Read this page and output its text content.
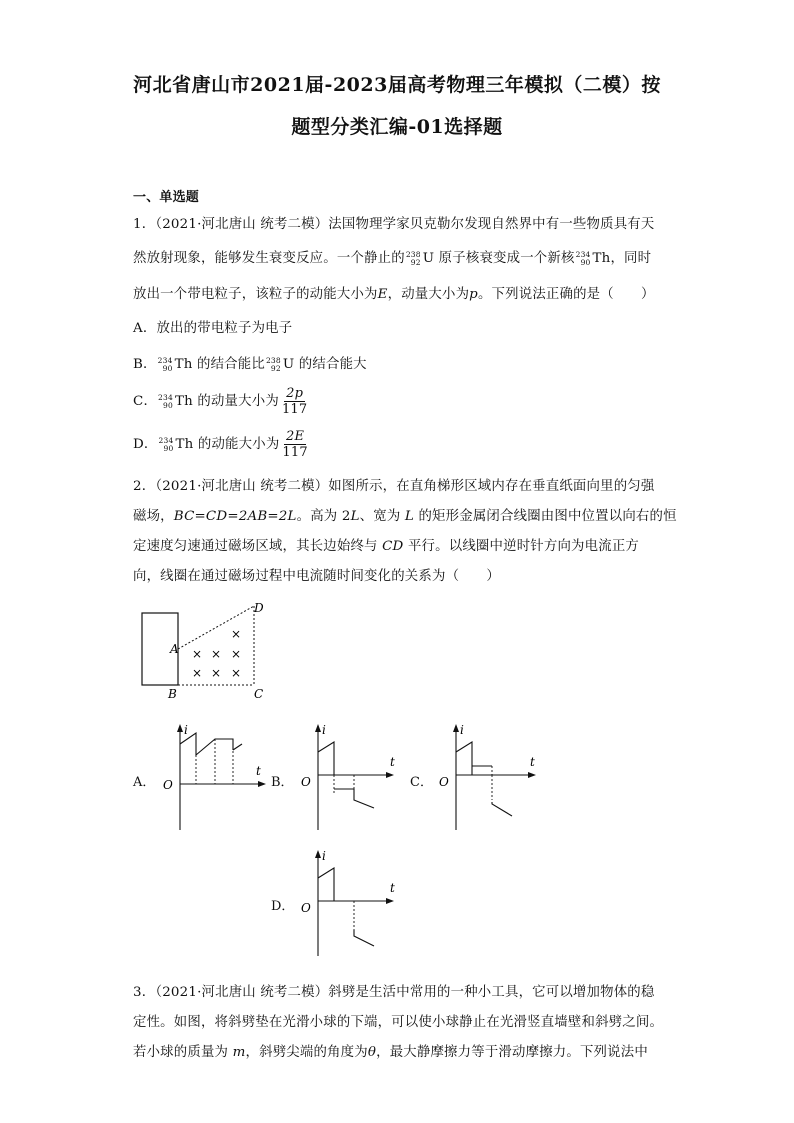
河北省唐山市2021届-2023届高考物理三年模拟（二模）按
题型分类汇编-01选择题
一、单选题
1．（2021·河北唐山 统考二模）法国物理学家贝克勒尔发现自然界中有一些物质具有天
然放射现象，能够发生衰变反应。一个静止的 238
92 U 原子核衰变成一个新核 234
90 Th，同时
放出一个带电粒子，该粒子的动能大小为E，动量大小为p。下列说法正确的是（　　）
A．放出的带电粒子为电子
B． 234
90 Th 的结合能比 238
92 U 的结合能大
C． 234
90 Th 的动量大小为 $\frac{2p}{117}$
D． 234
90 Th 的动能大小为 $\frac{2E}{117}$
2．（2021·河北唐山 统考二模）如图所示，在直角梯形区域内存在垂直纸面向里的匀强
磁场，BC=CD=2AB=2L。高为 2L、宽为 L 的矩形金属闭合线圈由图中位置以向右的恒
定速度匀速通过磁场区域，其长边始终与 CD 平行。以线圈中逆时针方向为电流正方
向，线圈在通过磁场过程中电流随时间变化的关系为（　　）
A
B	C
D
×
× × ×
× × ×
A．	B．	C．
D．
i
t
O
i
t
O
i
t
O
i
t
O
3．（2021·河北唐山 统考二模）斜劈是生活中常用的一种小工具，它可以增加物体的稳
定性。如图，将斜劈垫在光滑小球的下端，可以使小球静止在光滑竖直墙壁和斜劈之间。
若小球的质量为 m，斜劈尖端的角度为θ，最大静摩擦力等于滑动摩擦力。下列说法中
